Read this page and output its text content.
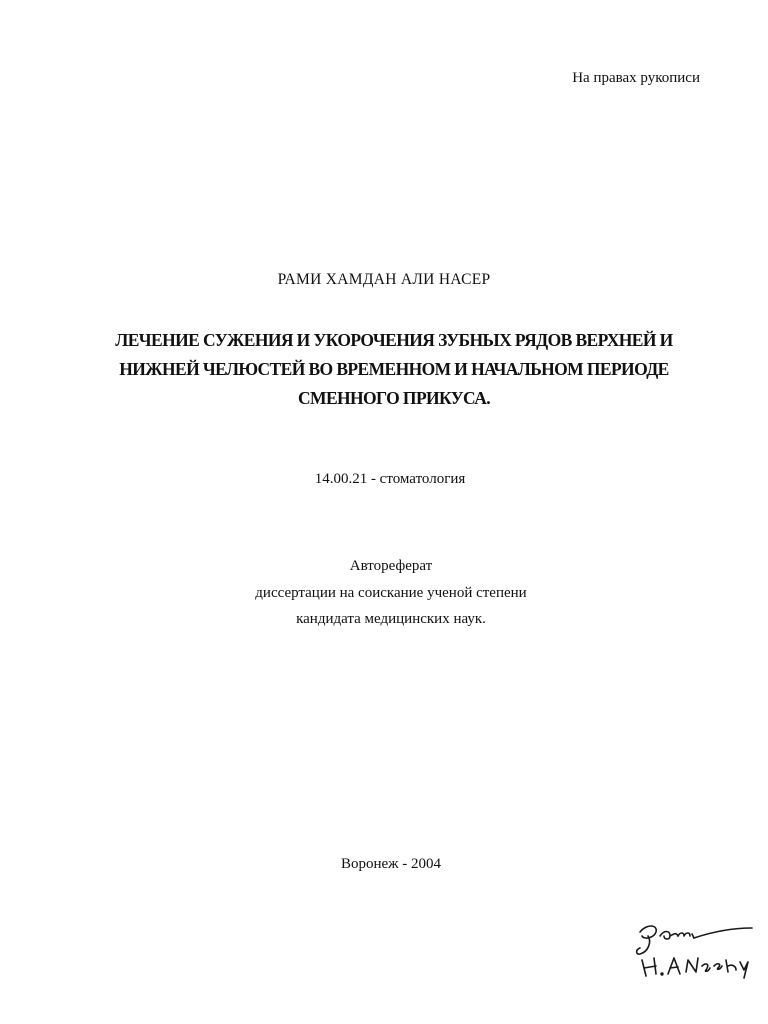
На правах рукописи
РАМИ ХАМДАН АЛИ НАСЕР
ЛЕЧЕНИЕ СУЖЕНИЯ И УКОРОЧЕНИЯ ЗУБНЫХ РЯДОВ ВЕРХНЕЙ И
НИЖНЕЙ ЧЕЛЮСТЕЙ ВО ВРЕМЕННОМ И НАЧАЛЬНОМ ПЕРИОДЕ
СМЕННОГО ПРИКУСА.
14.00.21 - стоматология
Автореферат
диссертации на соискание ученой степени
кандидата медицинских наук.
Воронеж - 2004
